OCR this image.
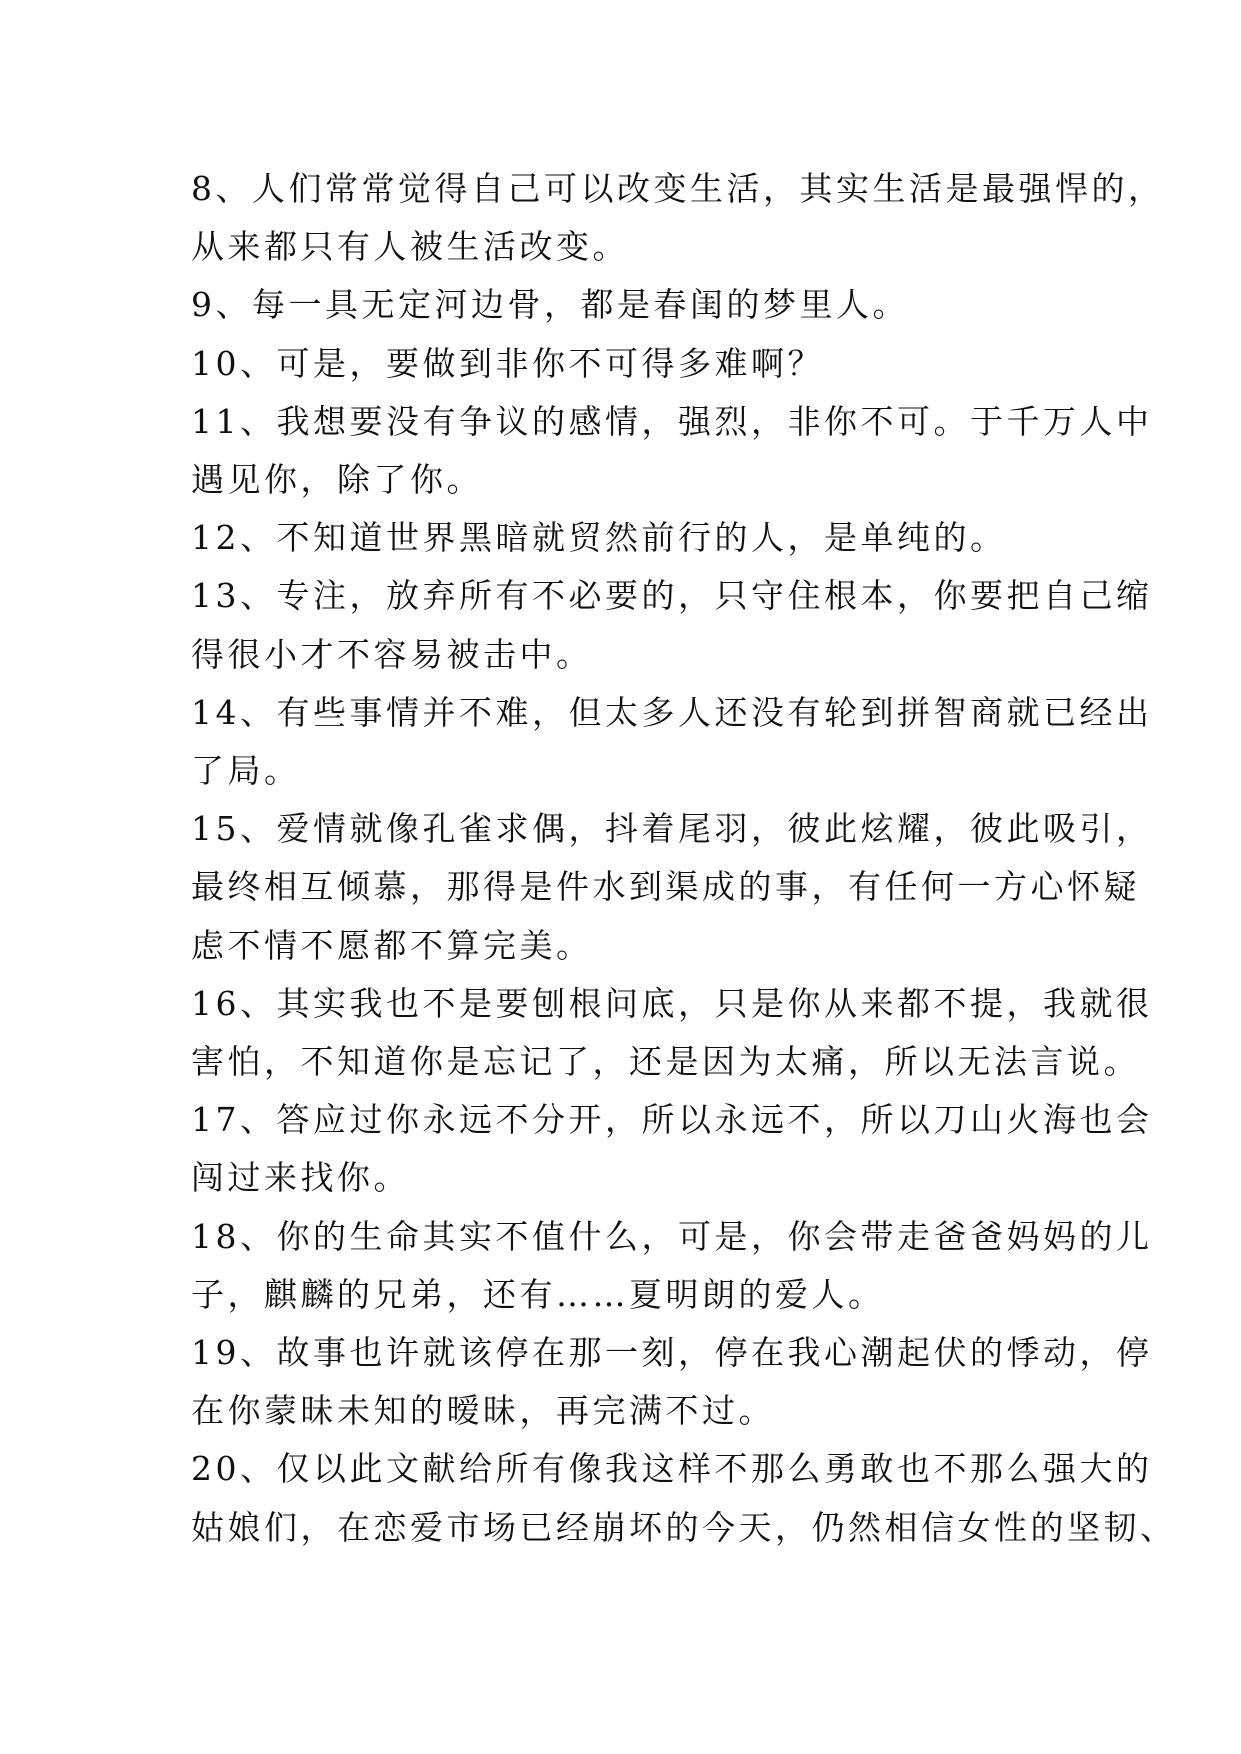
8、人们常常觉得自己可以改变生活，其实生活是最强悍的，
从来都只有人被生活改变。

9、每一具无定河边骨，都是春闺的梦里人。

10、可是，要做到非你不可得多难啊？

11、我想要没有争议的感情，强烈，非你不可。于千万人中
遇见你，除了你。

12、不知道世界黑暗就贸然前行的人，是单纯的。

13、专注，放弃所有不必要的，只守住根本，你要把自己缩
得很小才不容易被击中。

14、有些事情并不难，但太多人还没有轮到拼智商就已经出
了局。

15、爱情就像孔雀求偶，抖着尾羽，彼此炫耀，彼此吸引，
最终相互倾慕，那得是件水到渠成的事，有任何一方心怀疑
虑不情不愿都不算完美。

16、其实我也不是要刨根问底，只是你从来都不提，我就很
害怕，不知道你是忘记了，还是因为太痛，所以无法言说。

17、答应过你永远不分开，所以永远不，所以刀山火海也会
闯过来找你。

18、你的生命其实不值什么，可是，你会带走爸爸妈妈的儿
子，麒麟的兄弟，还有……夏明朗的爱人。

19、故事也许就该停在那一刻，停在我心潮起伏的悸动，停
在你蒙昧未知的暧昧，再完满不过。

20、仅以此文献给所有像我这样不那么勇敢也不那么强大的
姑娘们，在恋爱市场已经崩坏的今天，仍然相信女性的坚韧、
